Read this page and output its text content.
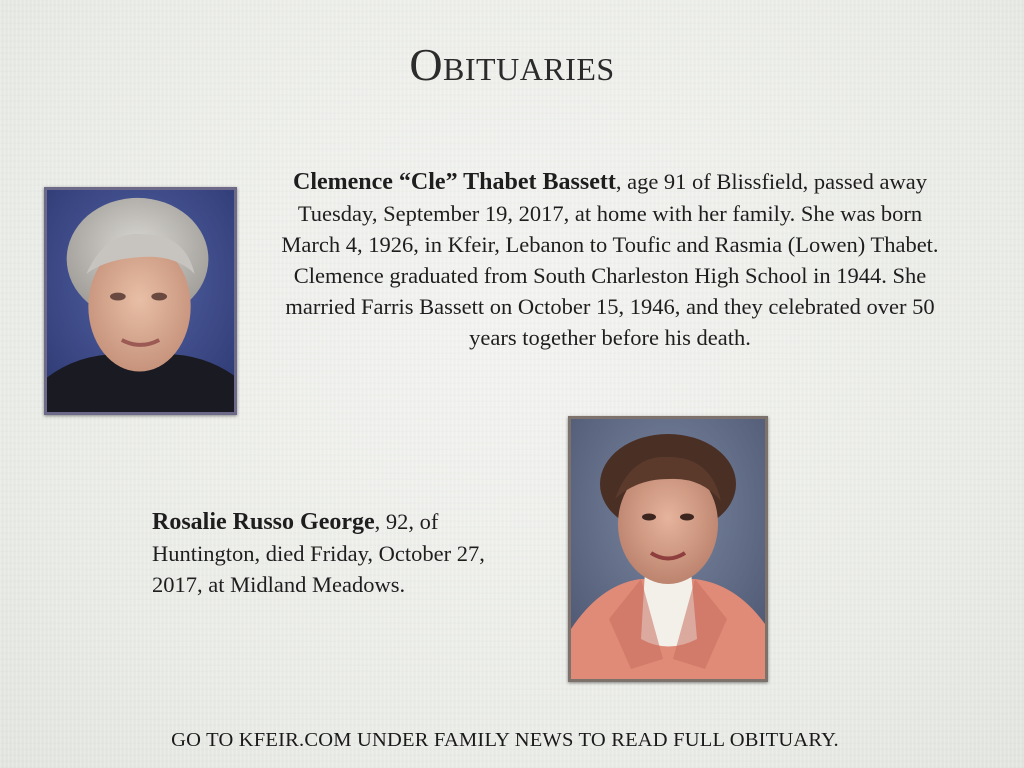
Obituaries
Clemence “Cle” Thabet Bassett, age 91 of Blissfield, passed away Tuesday, September 19, 2017, at home with her family. She was born March 4, 1926, in Kfeir, Lebanon to Toufic and Rasmia (Lowen) Thabet. Clemence graduated from South Charleston High School in 1944. She married Farris Bassett on October 15, 1946, and they celebrated over 50 years together before his death.
Rosalie Russo George, 92, of Huntington, died Friday, October 27, 2017, at Midland Meadows.
GO TO KFEIR.COM UNDER FAMILY NEWS TO READ FULL OBITUARY.
